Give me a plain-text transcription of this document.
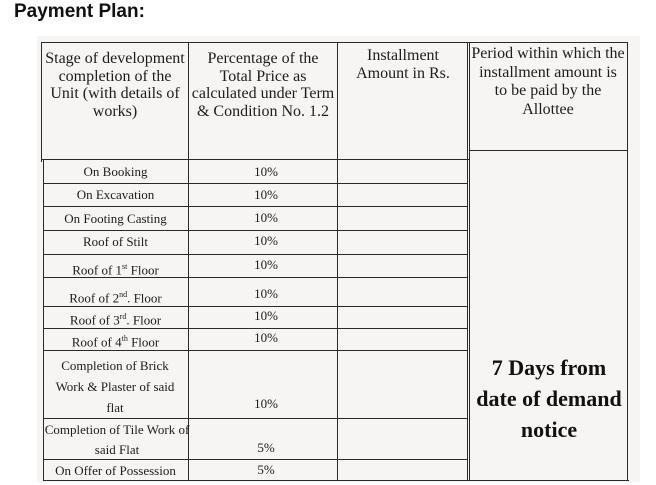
Payment Plan:
Stage of development completion of the Unit (with details of works)
Percentage of the Total Price as calculated under Term & Condition No. 1.2
Installment Amount in Rs.
Period within which the installment amount is to be paid by the Allottee
On Booking
On Excavation
On Footing Casting
Roof of Stilt
Roof of 1st Floor
Roof of 2nd. Floor
Roof of 3rd. Floor
Roof of 4th Floor
Completion of Brick Work & Plaster of said flat
Completion of Tile Work of said Flat
On Offer of Possession
10%
10%
10%
10%
10%
10%
10%
10%
10%
5%
5%
7 Days from date of demand notice
